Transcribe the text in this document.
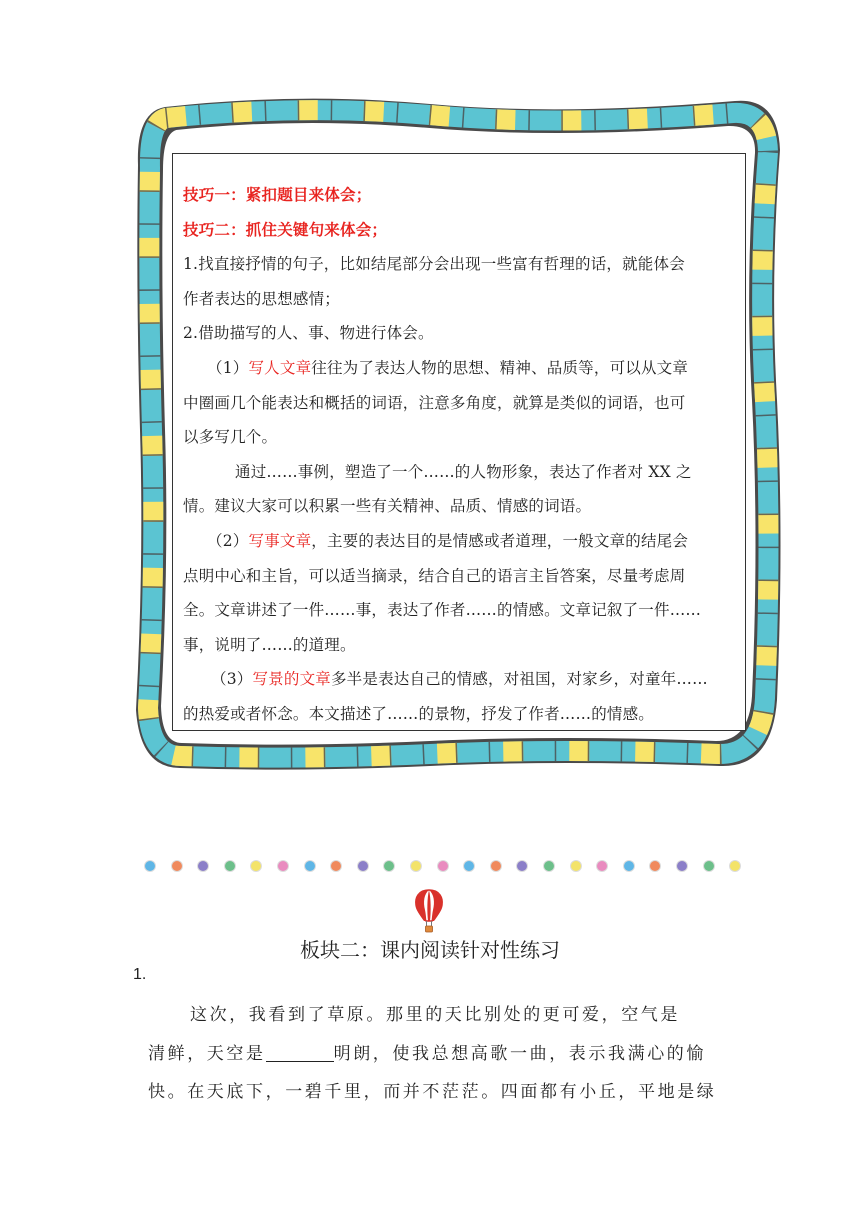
技巧一：紧扣题目来体会；
技巧二：抓住关键句来体会；
1.找直接抒情的句子，比如结尾部分会出现一些富有哲理的话，就能体会
作者表达的思想感情；
2.借助描写的人、事、物进行体会。
（1）写人文章往往为了表达人物的思想、精神、品质等，可以从文章
中圈画几个能表达和概括的词语，注意多角度，就算是类似的词语，也可
以多写几个。
通过……事例，塑造了一个……的人物形象，表达了作者对 XX 之
情。建议大家可以积累一些有关精神、品质、情感的词语。
（2）写事文章，主要的表达目的是情感或者道理，一般文章的结尾会
点明中心和主旨，可以适当摘录，结合自己的语言主旨答案，尽量考虑周
全。文章讲述了一件……事，表达了作者……的情感。文章记叙了一件……
事，说明了……的道理。
（3）写景的文章多半是表达自己的情感，对祖国，对家乡，对童年……
的热爱或者怀念。本文描述了……的景物，抒发了作者……的情感。
板块二：课内阅读针对性练习
1.
这次，我看到了草原。那里的天比别处的更可爱，空气是
清鲜，天空是	明朗，使我总想高歌一曲，表示我满心的愉
快。在天底下，一碧千里，而并不茫茫。四面都有小丘，平地是绿
